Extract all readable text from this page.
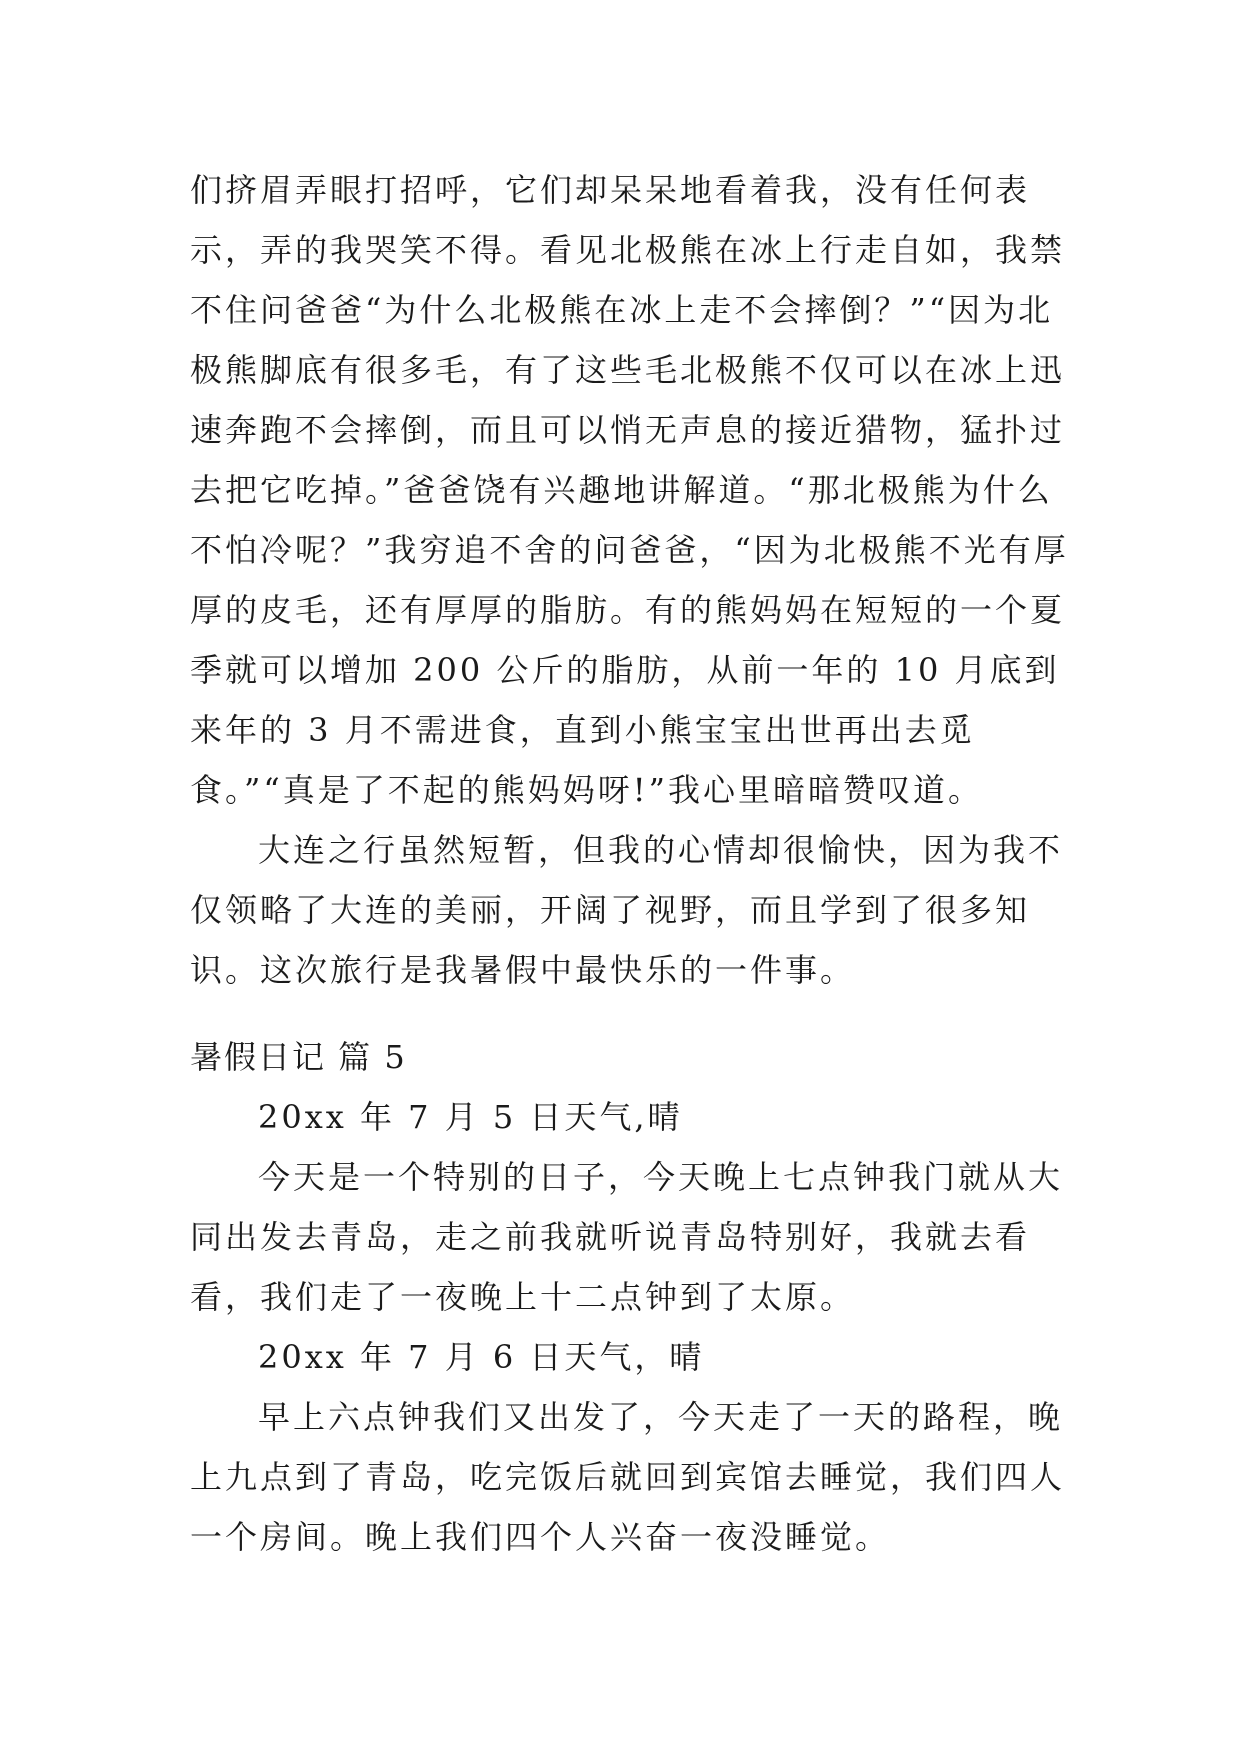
们挤眉弄眼打招呼，它们却呆呆地看着我，没有任何表示，弄的我哭笑不得。看见北极熊在冰上行走自如，我禁不住问爸爸“为什么北极熊在冰上走不会摔倒？”“因为北极熊脚底有很多毛，有了这些毛北极熊不仅可以在冰上迅速奔跑不会摔倒，而且可以悄无声息的接近猎物，猛扑过去把它吃掉。”爸爸饶有兴趣地讲解道。“那北极熊为什么不怕冷呢？”我穷追不舍的问爸爸，“因为北极熊不光有厚厚的皮毛，还有厚厚的脂肪。有的熊妈妈在短短的一个夏季就可以增加 200 公斤的脂肪，从前一年的 10 月底到来年的 3 月不需进食，直到小熊宝宝出世再出去觅食。”“真是了不起的熊妈妈呀!”我心里暗暗赞叹道。

大连之行虽然短暂，但我的心情却很愉快，因为我不仅领略了大连的美丽，开阔了视野，而且学到了很多知识。这次旅行是我暑假中最快乐的一件事。

暑假日记 篇 5

20xx 年 7 月 5 日天气,晴

今天是一个特别的日子，今天晚上七点钟我门就从大同出发去青岛，走之前我就听说青岛特别好，我就去看看，我们走了一夜晚上十二点钟到了太原。

20xx 年 7 月 6 日天气，晴

早上六点钟我们又出发了，今天走了一天的路程，晚上九点到了青岛，吃完饭后就回到宾馆去睡觉，我们四人一个房间。晚上我们四个人兴奋一夜没睡觉。
